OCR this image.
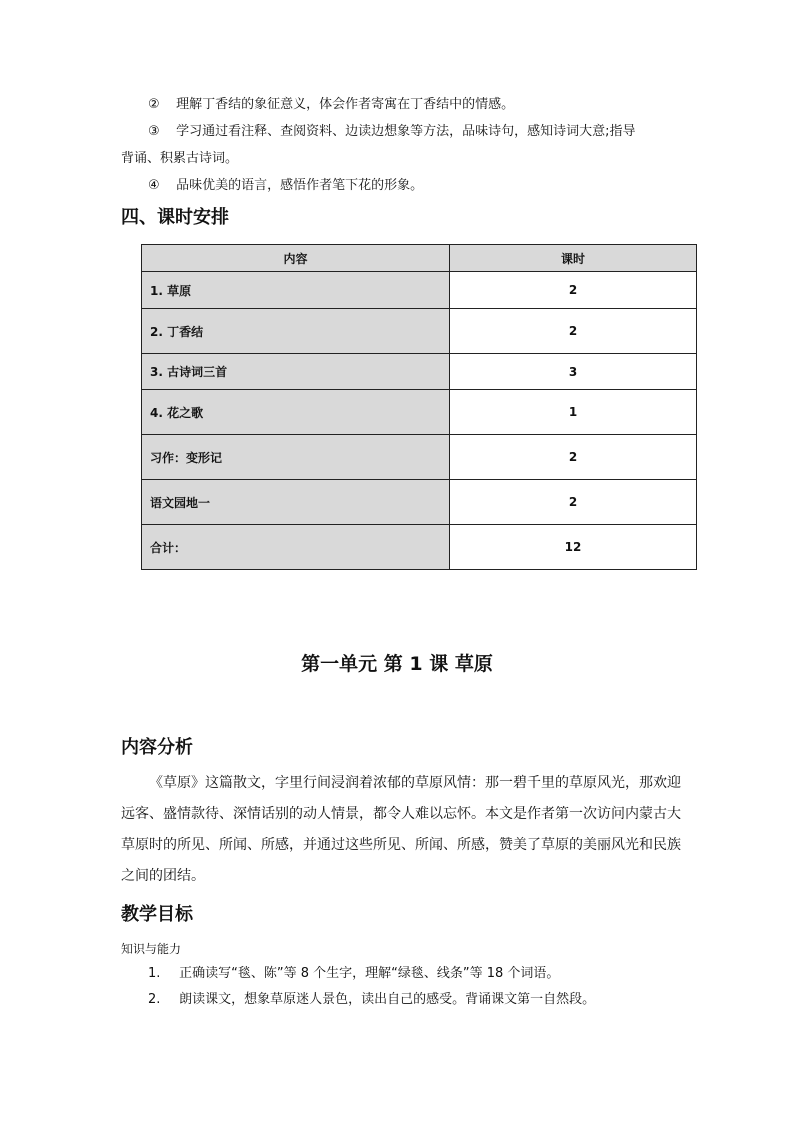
② 理解丁香结的象征意义，体会作者寄寓在丁香结中的情感。

③ 学习通过看注释、查阅资料、边读边想象等方法，品味诗句，感知诗词大意;指导

背诵、积累古诗词。

④ 品味优美的语言，感悟作者笔下花的形象。

四、课时安排
内容	课时
1. 草原	2
2. 丁香结	2
3. 古诗词三首	3
4. 花之歌	1
习作：变形记	2
语文园地一	2
合计：	12
第一单元 第 1 课 草原
内容分析

《草原》这篇散文，字里行间浸润着浓郁的草原风情：那一碧千里的草原风光，那欢迎远客、盛情款待、深情话别的动人情景，都令人难以忘怀。本文是作者第一次访问内蒙古大草原时的所见、所闻、所感，并通过这些所见、所闻、所感，赞美了草原的美丽风光和民族之间的团结。

教学目标

知识与能力

1. 正确读写“毯、陈”等 8 个生字，理解“绿毯、线条”等 18 个词语。

2. 朗读课文，想象草原迷人景色，读出自己的感受。背诵课文第一自然段。
